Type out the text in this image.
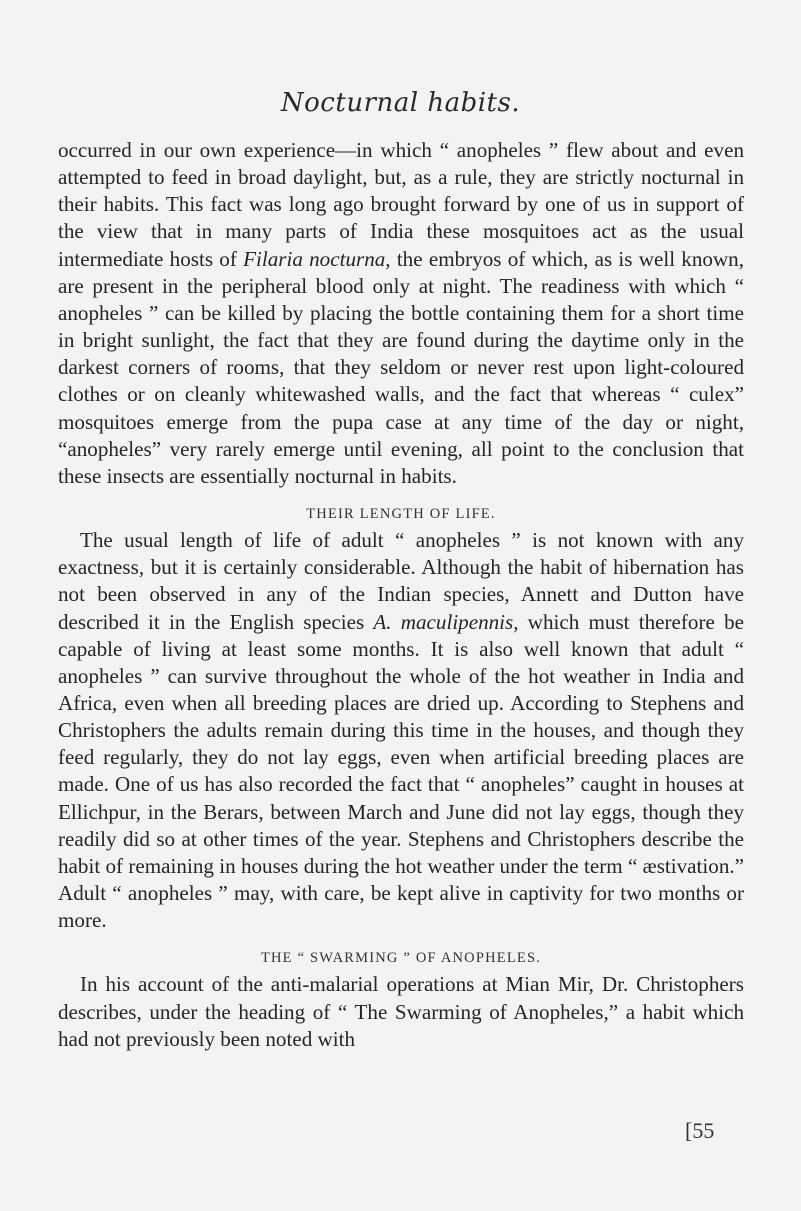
Nocturnal habits.

occurred in our own experience—in which “ anopheles ” flew about and even attempted to feed in broad daylight, but, as a rule, they are strictly nocturnal in their habits. This fact was long ago brought forward by one of us in support of the view that in many parts of India these mosquitoes act as the usual intermediate hosts of Filaria nocturna, the embryos of which, as is well known, are present in the peripheral blood only at night. The readiness with which “ anopheles ” can be killed by placing the bottle containing them for a short time in bright sunlight, the fact that they are found during the daytime only in the darkest corners of rooms, that they seldom or never rest upon light-coloured clothes or on cleanly whitewashed walls, and the fact that whereas “ culex” mosquitoes emerge from the pupa case at any time of the day or night, “anopheles” very rarely emerge until evening, all point to the conclusion that these insects are essentially nocturnal in habits.

THEIR LENGTH OF LIFE.

The usual length of life of adult “ anopheles ” is not known with any exactness, but it is certainly considerable. Although the habit of hibernation has not been observed in any of the Indian species, Annett and Dutton have described it in the English species A. maculipennis, which must therefore be capable of living at least some months. It is also well known that adult “ anopheles ” can survive throughout the whole of the hot weather in India and Africa, even when all breeding places are dried up. According to Stephens and Christophers the adults remain during this time in the houses, and though they feed regularly, they do not lay eggs, even when artificial breeding places are made. One of us has also recorded the fact that “ anopheles” caught in houses at Ellichpur, in the Berars, between March and June did not lay eggs, though they readily did so at other times of the year. Stephens and Christophers describe the habit of remaining in houses during the hot weather under the term “ æstivation.” Adult “ anopheles ” may, with care, be kept alive in captivity for two months or more.

THE “ SWARMING ” OF ANOPHELES.

In his account of the anti-malarial operations at Mian Mir, Dr. Christophers describes, under the heading of “ The Swarming of Anopheles,” a habit which had not previously been noted with

[55
